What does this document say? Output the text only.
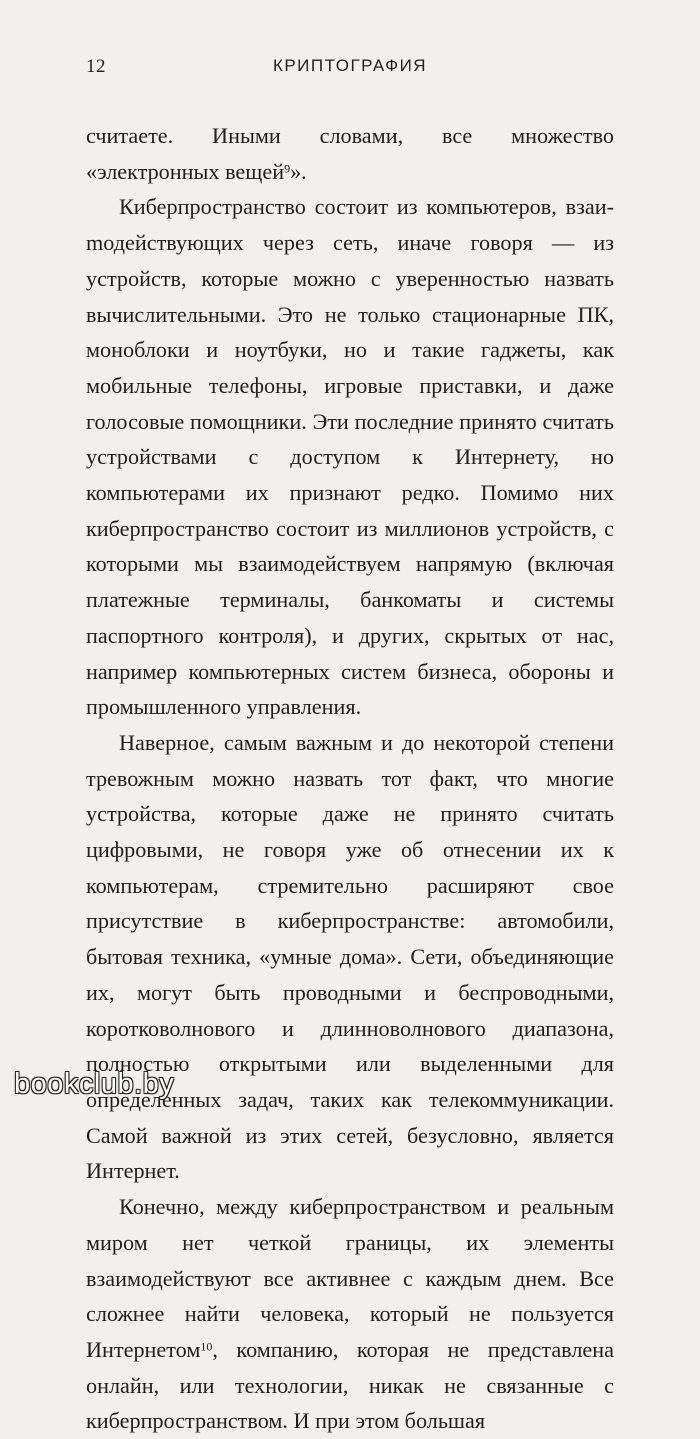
12	КРИПТОГРАФИЯ

считаете. Иными словами, все множество «электронных вещей$^9$».

Киберпространство состоит из компьютеров, взаиmодействующих через сеть, иначе говоря — из устройств, которые можно с уверенностью назвать вычислительными. Это не только стационарные ПК, моноблоки и ноутбуки, но и такие гаджеты, как мобильные телефоны, игровые приставки, и даже голосовые помощники. Эти последние принято считать устройствами с доступом к Интернету, но компьютерами их признают редко. Помимо них киберпространство состоит из миллионов устройств, с которыми мы взаимодействуем напрямую (включая платежные терминалы, банкоматы и системы паспортного контроля), и других, скрытых от нас, например компьютерных систем бизнеса, обороны и промышленного управления.

Наверное, самым важным и до некоторой степени тревожным можно назвать тот факт, что многие устройства, которые даже не принято считать цифровыми, не говоря уже об отнесении их к компьютерам, стремительно расширяют свое присутствие в киберпространстве: автомобили, бытовая техника, «умные дома». Сети, объединяющие их, могут быть проводными и беспроводными, коротковолнового и длинноволнового диапазона, полностью открытыми или выделенными для определенных задач, таких как телекоммуникации. Самой важной из этих сетей, безусловно, является Интернет.

Конечно, между киберпространством и реальным миром нет четкой границы, их элементы взаимодействуют все активнее с каждым днем. Все сложнее найти человека, который не пользуется Интернетом$^{10}$, компанию, которая не представлена онлайн, или технологии, никак не связанные с киберпространством. И при этом большая

bookclub.by
